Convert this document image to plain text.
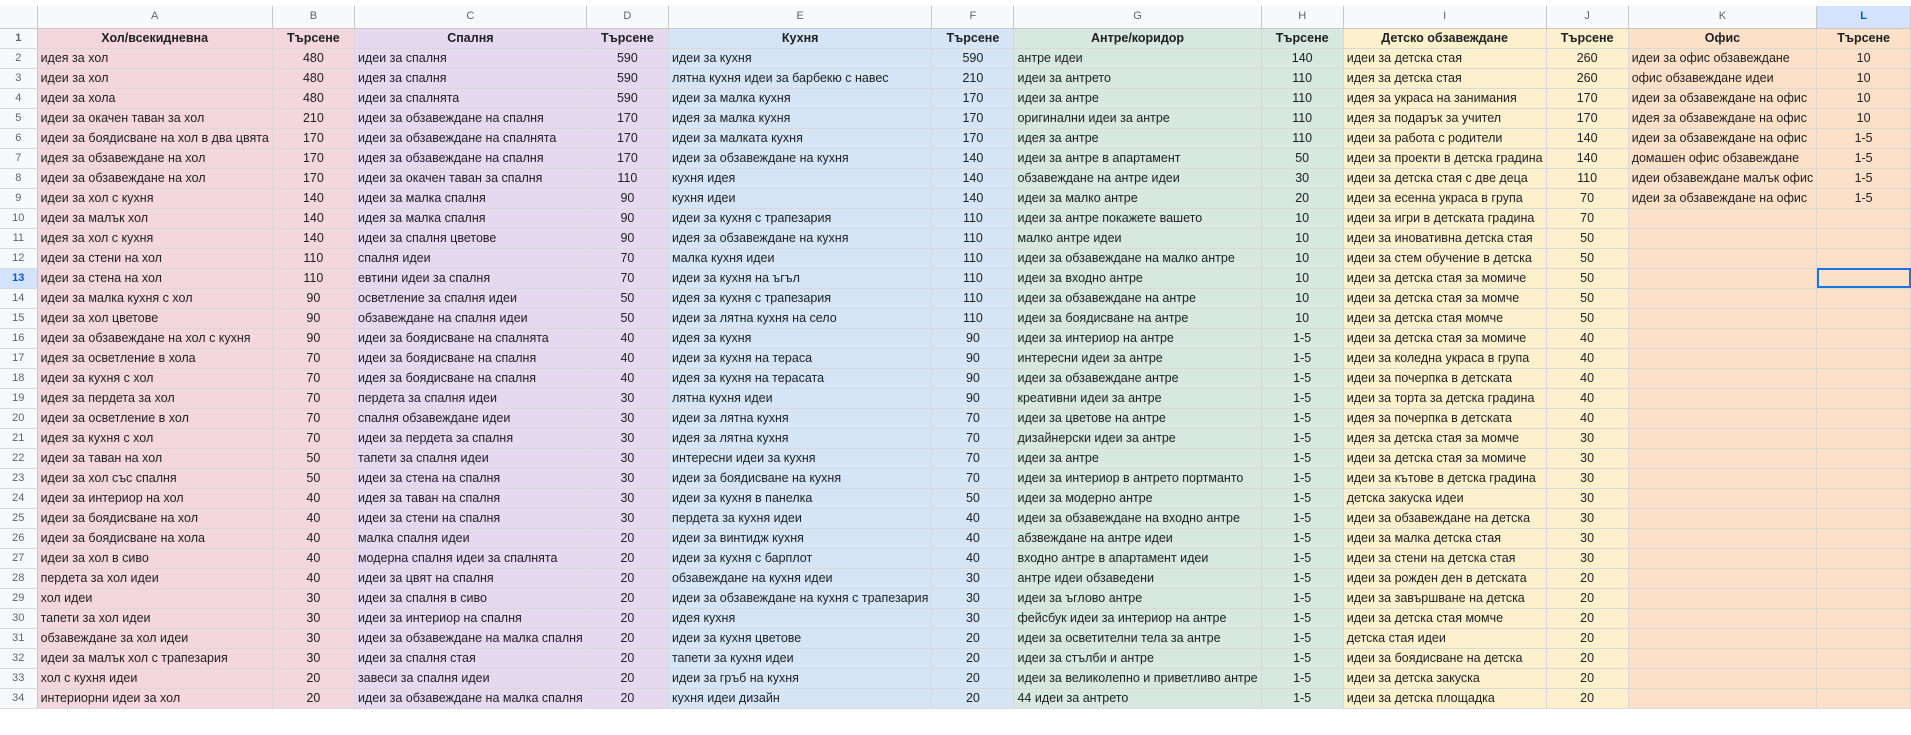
	A	B	C	D	E	F	G	H	I	J	K	L
1	Хол/всекидневна	Търсене	Спалня	Търсене	Кухня	Търсене	Антре/коридор	Търсене	Детско обзавеждане	Търсене	Офис	Търсене
2	идея за хол	480	идеи за спалня	590	идеи за кухня	590	антре идеи	140	идеи за детска стая	260	идеи за офис обзавеждане	10
3	идеи за хол	480	идея за спалня	590	лятна кухня идеи за барбекю с навес	210	идеи за антрето	110	идея за детска стая	260	офис обзавеждане идеи	10
4	идеи за хола	480	идеи за спалнята	590	идеи за малка кухня	170	идеи за антре	110	идея за украса на занимания	170	идеи за обзавеждане на офис	10
5	идеи за окачен таван за хол	210	идеи за обзавеждане на спалня	170	идея за малка кухня	170	оригинални идеи за антре	110	идея за подарък за учител	170	идея за обзавеждане на офис	10
6	идеи за боядисване на хол в два цвята	170	идеи за обзавеждане на спалнята	170	идеи за малката кухня	170	идея за антре	110	идеи за работа с родители	140	идеи за обзавеждане на офис	1-5
7	идея за обзавеждане на хол	170	идея за обзавеждане на спалня	170	идеи за обзавеждане на кухня	140	идеи за антре в апартамент	50	идеи за проекти в детска градина	140	домашен офис обзавеждане	1-5
8	идеи за обзавеждане на хол	170	идеи за окачен таван за спалня	110	кухня идея	140	обзавеждане на антре идеи	30	идеи за детска стая с две деца	110	идеи обзавеждане малък офис	1-5
9	идеи за хол с кухня	140	идеи за малка спалня	90	кухня идеи	140	идеи за малко антре	20	идеи за есенна украса в група	70	идеи за обзавеждане на офис	1-5
10	идеи за малък хол	140	идея за малка спалня	90	идеи за кухня с трапезария	110	идеи за антре покажете вашето	10	идеи за игри в детската градина	70		
11	идея за хол с кухня	140	идеи за спалня цветове	90	идея за обзавеждане на кухня	110	малко антре идеи	10	идеи за иновативна детска стая	50		
12	идеи за стени на хол	110	спалня идеи	70	малка кухня идеи	110	идеи за обзавеждане на малко антре	10	идеи за стем обучение в детска	50		
13	идеи за стена на хол	110	евтини идеи за спалня	70	идеи за кухня на ъгъл	110	идеи за входно антре	10	идеи за детска стая за момиче	50		
14	идеи за малка кухня с хол	90	осветление за спалня идеи	50	идея за кухня с трапезария	110	идеи за обзавеждане на антре	10	идеи за детска стая за момче	50		
15	идеи за хол цветове	90	обзавеждане на спалня идеи	50	идеи за лятна кухня на село	110	идеи за боядисване на антре	10	идеи за детска стая момче	50		
16	идеи за обзавеждане на хол с кухня	90	идеи за боядисване на спалнята	40	идея за кухня	90	идеи за интериор на антре	1-5	идеи за детска стая за момиче	40		
17	идея за осветление в хола	70	идеи за боядисване на спалня	40	идеи за кухня на тераса	90	интересни идеи за антре	1-5	идеи за коледна украса в група	40		
18	идеи за кухня с хол	70	идея за боядисване на спалня	40	идея за кухня на терасата	90	идеи за обзавеждане антре	1-5	идеи за почерпка в детската	40		
19	идея за пердета за хол	70	пердета за спалня идеи	30	лятна кухня идеи	90	креативни идеи за антре	1-5	идеи за торта за детска градина	40		
20	идеи за осветление в хол	70	спалня обзавеждане идеи	30	идеи за лятна кухня	70	идеи за цветове на антре	1-5	идея за почерпка в детската	40		
21	идея за кухня с хол	70	идеи за пердета за спалня	30	идея за лятна кухня	70	дизайнерски идеи за антре	1-5	идея за детска стая за момче	30		
22	идеи за таван на хол	50	тапети за спалня идеи	30	интересни идеи за кухня	70	идеи за антре	1-5	идеи за детска стая за момиче	30		
23	идеи за хол със спалня	50	идеи за стена на спалня	30	идеи за боядисване на кухня	70	идеи за интериор в антрето портманто	1-5	идеи за кътове в детска градина	30		
24	идеи за интериор на хол	40	идея за таван на спалня	30	идеи за кухня в панелка	50	идеи за модерно антре	1-5	детска закуска идеи	30		
25	идеи за боядисване на хол	40	идеи за стени на спалня	30	пердета за кухня идеи	40	идеи за обзавеждане на входно антре	1-5	идеи за обзавеждане на детска	30		
26	идеи за боядисване на хола	40	малка спалня идеи	20	идеи за винтидж кухня	40	абзвеждане на антре идеи	1-5	идеи за малка детска стая	30		
27	идеи за хол в сиво	40	модерна спалня идеи за спалнята	20	идеи за кухня с барплот	40	входно антре в апартамент идеи	1-5	идеи за стени на детска стая	30		
28	пердета за хол идеи	40	идеи за цвят на спалня	20	обзавеждане на кухня идеи	30	антре идеи обзаведени	1-5	идеи за рожден ден в детската	20		
29	хол идеи	30	идеи за спалня в сиво	20	идеи за обзавеждане на кухня с трапезария	30	идеи за ъглово антре	1-5	идеи за завършване на детска	20		
30	тапети за хол идеи	30	идеи за интериор на спалня	20	идея кухня	30	фейсбук идеи за интериор на антре	1-5	идеи за детска стая момче	20		
31	обзавеждане за хол идеи	30	идеи за обзавеждане на малка спалня	20	идеи за кухня цветове	20	идеи за осветителни тела за антре	1-5	детска стая идеи	20		
32	идеи за малък хол с трапезария	30	идеи за спалня стая	20	тапети за кухня идеи	20	идеи за стълби и антре	1-5	идеи за боядисване на детска	20		
33	хол с кухня идеи	20	завеси за спалня идеи	20	идеи за гръб на кухня	20	идеи за великолепно и приветливо антре	1-5	идеи за детска закуска	20		
34	интериорни идеи за хол	20	идеи за обзавеждане на малка спалня	20	кухня идеи дизайн	20	44 идеи за антрето	1-5	идеи за детска площадка	20		
